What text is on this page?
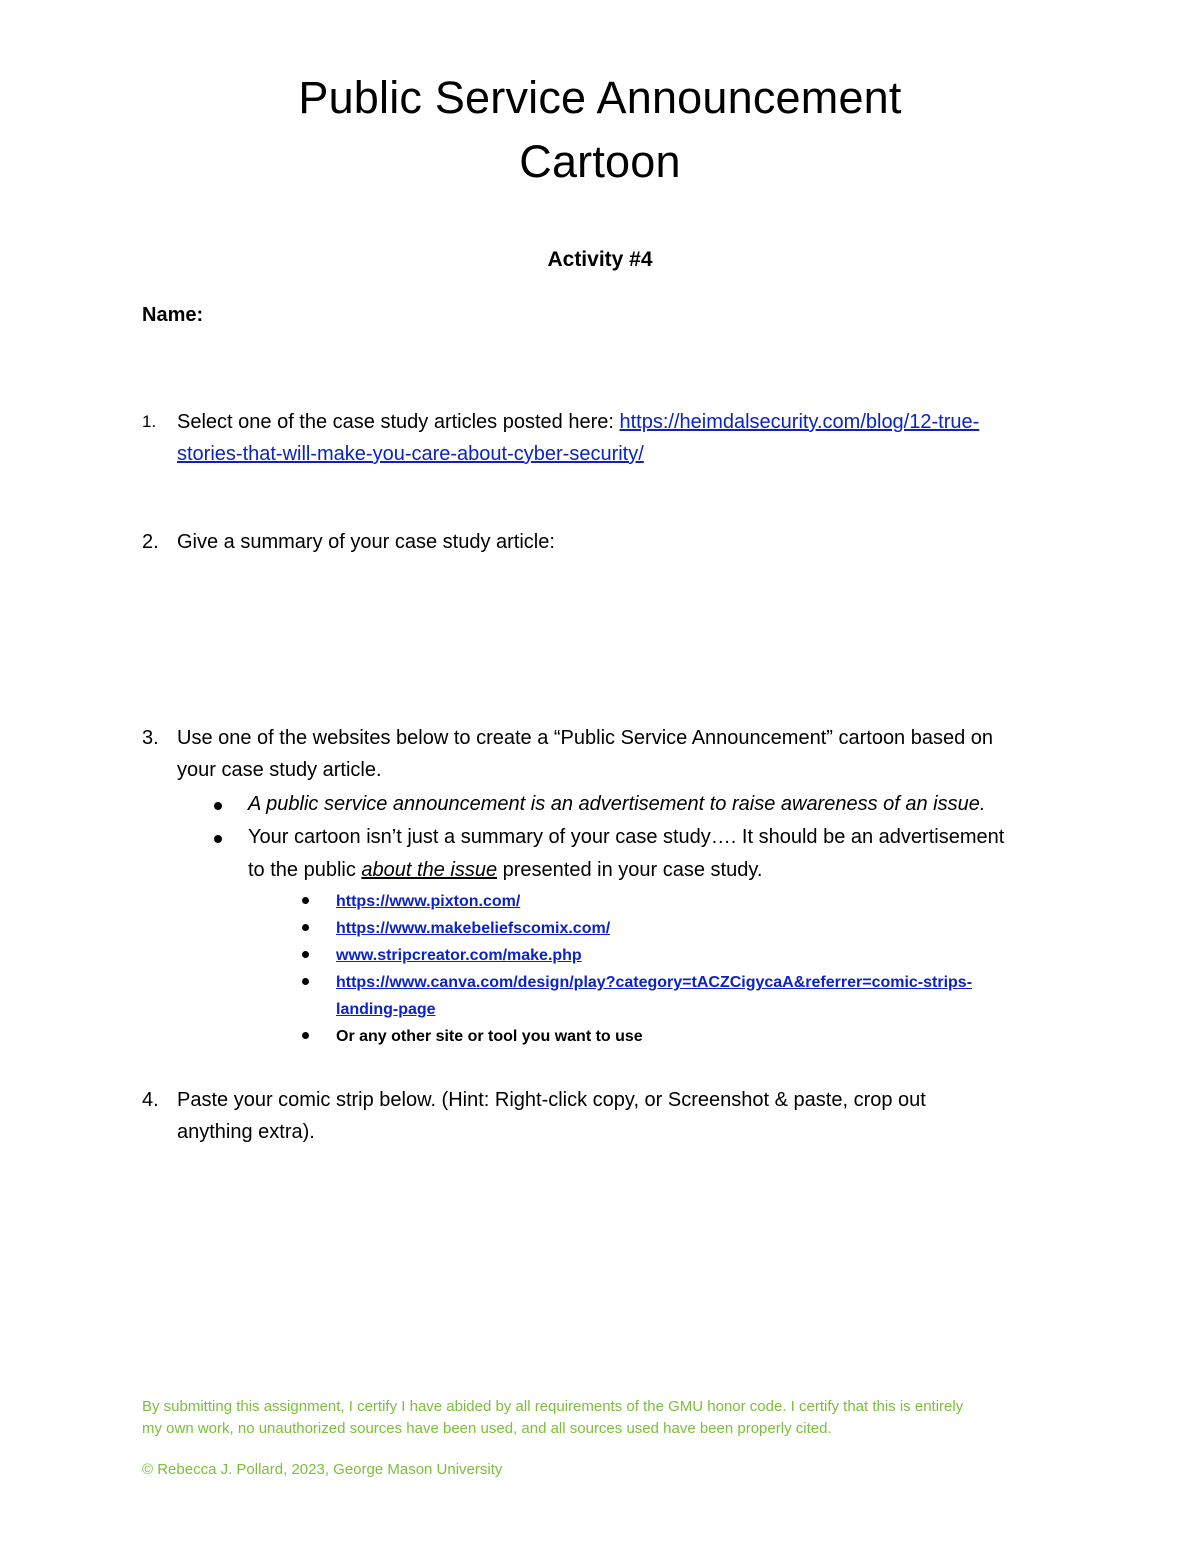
Public Service Announcement
Cartoon
Activity #4
Name:
1.	Select one of the case study articles posted here: https://heimdalsecurity.com/blog/12-true-
stories-that-will-make-you-care-about-cyber-security/
2. Give a summary of your case study article:
3. Use one of the websites below to create a “Public Service Announcement” cartoon based on
your case study article.
A public service announcement is an advertisement to raise awareness of an issue.
Your cartoon isn’t just a summary of your case study…. It should be an advertisement
to the public about the issue presented in your case study.
https://www.pixton.com/
https://www.makebeliefscomix.com/
www.stripcreator.com/make.php
https://www.canva.com/design/play?category=tACZCigycaA&referrer=comic-strips-
landing-page
Or any other site or tool you want to use
4. Paste your comic strip below. (Hint: Right-click copy, or Screenshot & paste, crop out
anything extra).
By submitting this assignment, I certify I have abided by all requirements of the GMU honor code. I certify that this is entirely
my own work, no unauthorized sources have been used, and all sources used have been properly cited.
© Rebecca J. Pollard, 2023, George Mason University
